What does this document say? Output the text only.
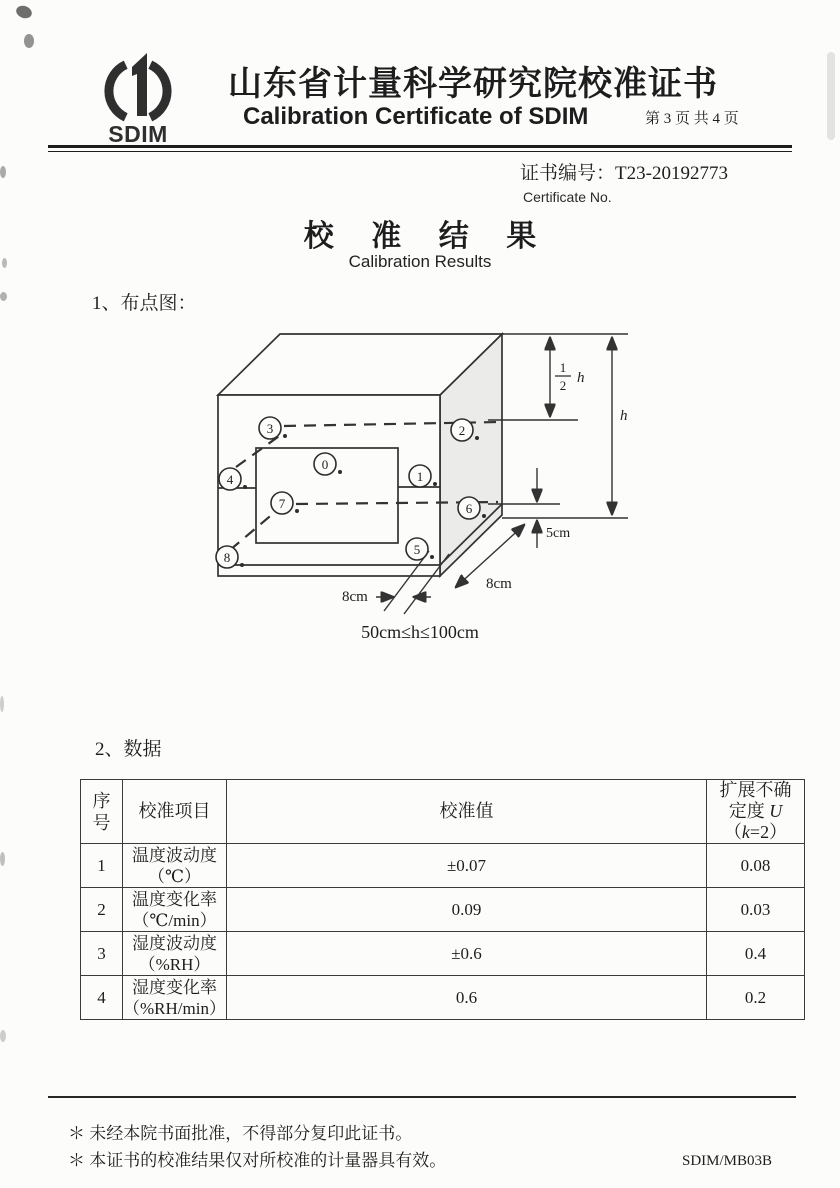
SDIM
山东省计量科学研究院校准证书
Calibration Certificate of SDIM	第 3 页 共 4 页
证书编号：T23-20192773
Certificate No.
校 准 结 果
Calibration Results
1、布点图：
0
1
2
3
4
5
6
7
8
1
2 h
h
5cm
8cm
8cm
50cm≤h≤100cm
2、数据
序号	校准项目	校准值	扩展不确
定度 U
（k=2）

1	温度波动度
（℃）	±0.07	0.08
2	温度变化率
（℃/min）	0.09	0.03
3	湿度波动度
（%RH）	±0.6	0.4
4	湿度变化率
（%RH/min）	0.6	0.2
＊ 未经本院书面批准，不得部分复印此证书。
＊ 本证书的校准结果仅对所校准的计量器具有效。	SDIM/MB03B
